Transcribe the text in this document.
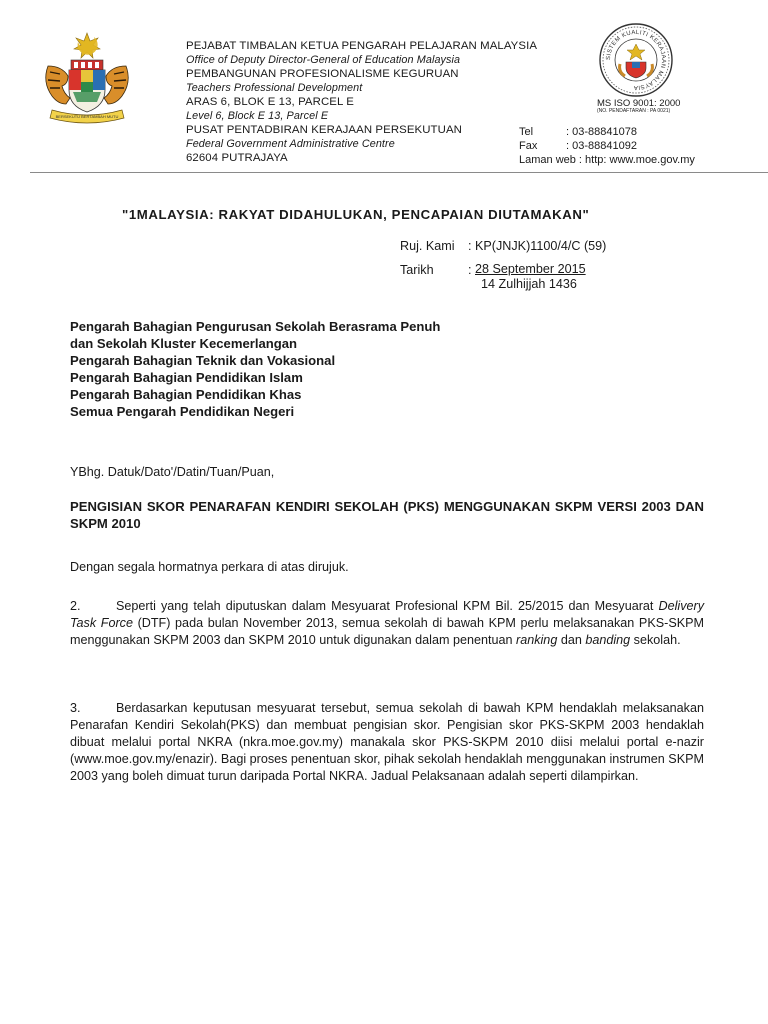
BERSEKUTU BERTAMBAH MUTU
PEJABAT TIMBALAN KETUA PENGARAH PELAJARAN MALAYSIA
Office of Deputy Director-General of Education Malaysia
PEMBANGUNAN PROFESIONALISME KEGURUAN
Teachers Professional Development
ARAS 6, BLOK E 13, PARCEL E
Level 6, Block E 13, Parcel E
PUSAT PENTADBIRAN KERAJAAN PERSEKUTUAN
Federal Government Administrative Centre
62604 PUTRAJAYA
SISTEM KUALITI KERAJAAN MALAYSIA
MS ISO 9001: 2000
(NO. PENDAFTARAN : PA 0021)
Tel	: 03-88841078
Fax	: 03-88841092
Laman web : http: www.moe.gov.my
"1MALAYSIA: RAKYAT DIDAHULUKAN, PENCAPAIAN DIUTAMAKAN"
Ruj. Kami : KP(JNJK)1100/4/C (59)
Tarikh	: 28 September 2015
14 Zulhijjah 1436
Pengarah Bahagian Pengurusan Sekolah Berasrama Penuh
dan Sekolah Kluster Kecemerlangan
Pengarah Bahagian Teknik dan Vokasional
Pengarah Bahagian Pendidikan Islam
Pengarah Bahagian Pendidikan Khas
Semua Pengarah Pendidikan Negeri
YBhg. Datuk/Dato'/Datin/Tuan/Puan,
PENGISIAN SKOR PENARAFAN KENDIRI SEKOLAH (PKS) MENGGUNAKAN SKPM VERSI 2003 DAN SKPM 2010
Dengan segala hormatnya perkara di atas dirujuk.
2.	Seperti yang telah diputuskan dalam Mesyuarat Profesional KPM Bil. 25/2015 dan Mesyuarat Delivery Task Force (DTF) pada bulan November 2013, semua sekolah di bawah KPM perlu melaksanakan PKS-SKPM menggunakan SKPM 2003 dan SKPM 2010 untuk digunakan dalam penentuan ranking dan banding sekolah.
3.	Berdasarkan keputusan mesyuarat tersebut, semua sekolah di bawah KPM hendaklah melaksanakan Penarafan Kendiri Sekolah(PKS) dan membuat pengisian skor. Pengisian skor PKS-SKPM 2003 hendaklah dibuat melalui portal NKRA (nkra.moe.gov.my) manakala skor PKS-SKPM 2010 diisi melalui portal e-nazir (www.moe.gov.my/enazir). Bagi proses penentuan skor, pihak sekolah hendaklah menggunakan instrumen SKPM 2003 yang boleh dimuat turun daripada Portal NKRA. Jadual Pelaksanaan adalah seperti dilampirkan.
